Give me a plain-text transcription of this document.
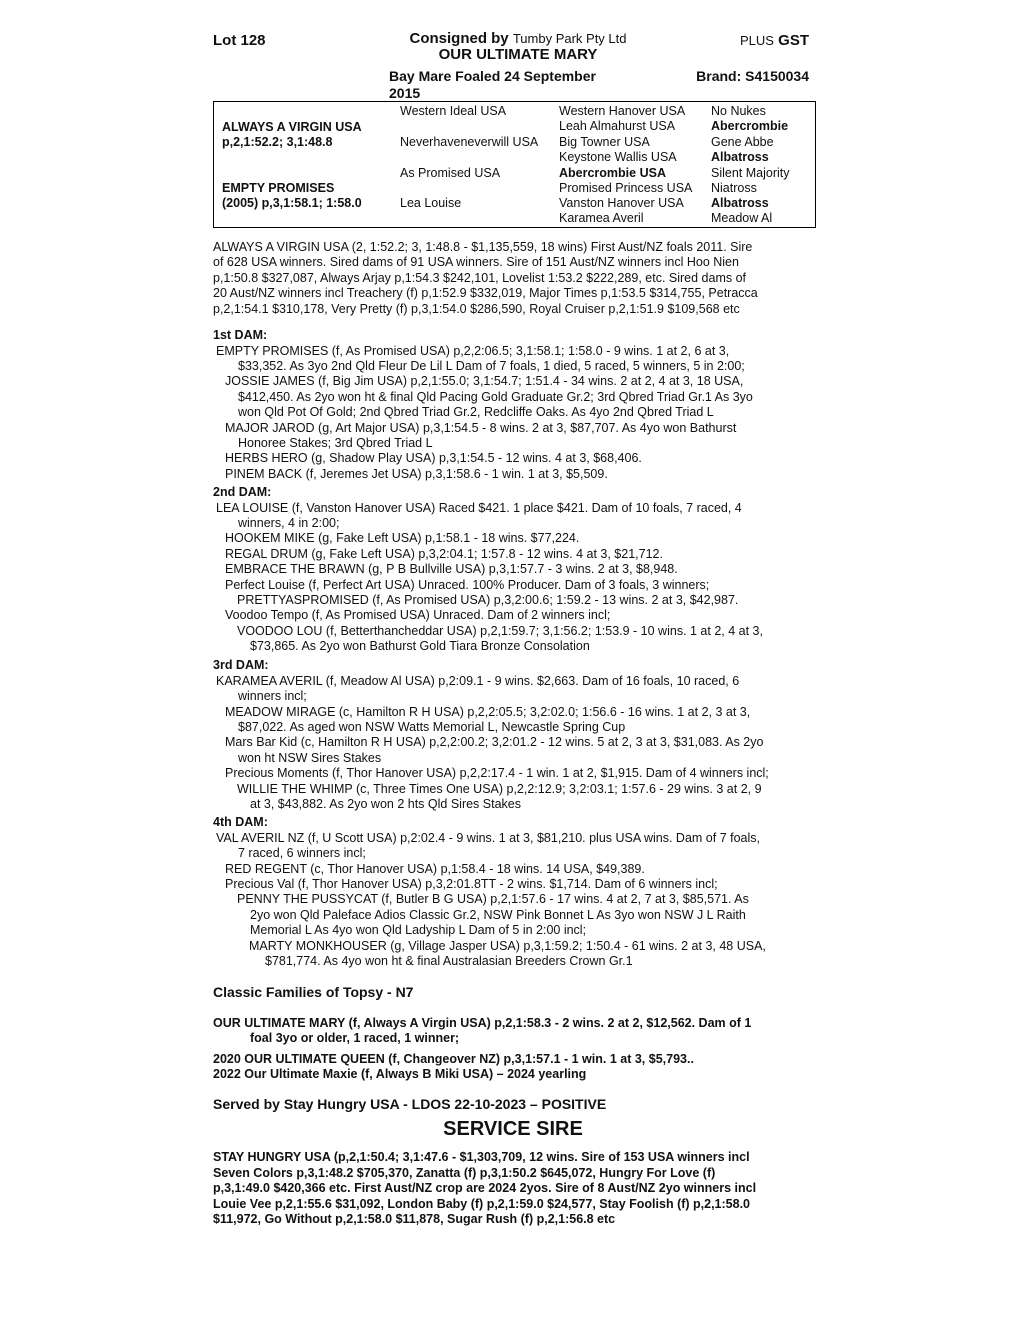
Lot 128	Consigned by Tumby Park Pty Ltd
OUR ULTIMATE MARY
PLUS GST
Bay Mare Foaled 24 September 2015
Brand: S4150034
ALWAYS A VIRGIN USA
p,2,1:52.2; 3,1:48.8
EMPTY PROMISES
(2005) p,3,1:58.1; 1:58.0
Western Ideal USA
Neverhaveneverwill USA
As Promised USA
Lea Louise
Western Hanover USA
Leah Almahurst USA
Big Towner USA
Keystone Wallis USA
Abercrombie USA
Promised Princess USA
Vanston Hanover USA
Karamea Averil
No Nukes
Abercrombie
Gene Abbe
Albatross
Silent Majority
Niatross
Albatross
Meadow Al
ALWAYS A VIRGIN USA (2, 1:52.2; 3, 1:48.8 - $1,135,559, 18 wins) First Aust/NZ foals 2011. Sire
of 628 USA winners. Sired dams of 91 USA winners. Sire of 151 Aust/NZ winners incl Hoo Nien
p,1:50.8 $327,087, Always Arjay p,1:54.3 $242,101, Lovelist 1:53.2 $222,289, etc. Sired dams of
20 Aust/NZ winners incl Treachery (f) p,1:52.9 $332,019, Major Times p,1:53.5 $314,755, Petracca
p,2,1:54.1 $310,178, Very Pretty (f) p,3,1:54.0 $286,590, Royal Cruiser p,2,1:51.9 $109,568 etc
1st DAM:
EMPTY PROMISES (f, As Promised USA) p,2,2:06.5; 3,1:58.1; 1:58.0 - 9 wins. 1 at 2, 6 at 3,
$33,352. As 3yo 2nd Qld Fleur De Lil L Dam of 7 foals, 1 died, 5 raced, 5 winners, 5 in 2:00;
JOSSIE JAMES (f, Big Jim USA) p,2,1:55.0; 3,1:54.7; 1:51.4 - 34 wins. 2 at 2, 4 at 3, 18 USA,
$412,450. As 2yo won ht & final Qld Pacing Gold Graduate Gr.2; 3rd Qbred Triad Gr.1 As 3yo
won Qld Pot Of Gold; 2nd Qbred Triad Gr.2, Redcliffe Oaks. As 4yo 2nd Qbred Triad L
MAJOR JAROD (g, Art Major USA) p,3,1:54.5 - 8 wins. 2 at 3, $87,707. As 4yo won Bathurst
Honoree Stakes; 3rd Qbred Triad L
HERBS HERO (g, Shadow Play USA) p,3,1:54.5 - 12 wins. 4 at 3, $68,406.
PINEM BACK (f, Jeremes Jet USA) p,3,1:58.6 - 1 win. 1 at 3, $5,509.
2nd DAM:
LEA LOUISE (f, Vanston Hanover USA) Raced $421. 1 place $421. Dam of 10 foals, 7 raced, 4
winners, 4 in 2:00;
HOOKEM MIKE (g, Fake Left USA) p,1:58.1 - 18 wins. $77,224.
REGAL DRUM (g, Fake Left USA) p,3,2:04.1; 1:57.8 - 12 wins. 4 at 3, $21,712.
EMBRACE THE BRAWN (g, P B Bullville USA) p,3,1:57.7 - 3 wins. 2 at 3, $8,948.
Perfect Louise (f, Perfect Art USA) Unraced. 100% Producer. Dam of 3 foals, 3 winners;
PRETTYASPROMISED (f, As Promised USA) p,3,2:00.6; 1:59.2 - 13 wins. 2 at 3, $42,987.
Voodoo Tempo (f, As Promised USA) Unraced. Dam of 2 winners incl;
VOODOO LOU (f, Betterthancheddar USA) p,2,1:59.7; 3,1:56.2; 1:53.9 - 10 wins. 1 at 2, 4 at 3,
$73,865. As 2yo won Bathurst Gold Tiara Bronze Consolation
3rd DAM:
KARAMEA AVERIL (f, Meadow Al USA) p,2:09.1 - 9 wins. $2,663. Dam of 16 foals, 10 raced, 6
winners incl;
MEADOW MIRAGE (c, Hamilton R H USA) p,2,2:05.5; 3,2:02.0; 1:56.6 - 16 wins. 1 at 2, 3 at 3,
$87,022. As aged won NSW Watts Memorial L, Newcastle Spring Cup
Mars Bar Kid (c, Hamilton R H USA) p,2,2:00.2; 3,2:01.2 - 12 wins. 5 at 2, 3 at 3, $31,083. As 2yo
won ht NSW Sires Stakes
Precious Moments (f, Thor Hanover USA) p,2,2:17.4 - 1 win. 1 at 2, $1,915. Dam of 4 winners incl;
WILLIE THE WHIMP (c, Three Times One USA) p,2,2:12.9; 3,2:03.1; 1:57.6 - 29 wins. 3 at 2, 9
at 3, $43,882. As 2yo won 2 hts Qld Sires Stakes
4th DAM:
VAL AVERIL NZ (f, U Scott USA) p,2:02.4 - 9 wins. 1 at 3, $81,210. plus USA wins. Dam of 7 foals,
7 raced, 6 winners incl;
RED REGENT (c, Thor Hanover USA) p,1:58.4 - 18 wins. 14 USA, $49,389.
Precious Val (f, Thor Hanover USA) p,3,2:01.8TT - 2 wins. $1,714. Dam of 6 winners incl;
PENNY THE PUSSYCAT (f, Butler B G USA) p,2,1:57.6 - 17 wins. 4 at 2, 7 at 3, $85,571. As
2yo won Qld Paleface Adios Classic Gr.2, NSW Pink Bonnet L As 3yo won NSW J L Raith
Memorial L As 4yo won Qld Ladyship L Dam of 5 in 2:00 incl;
MARTY MONKHOUSER (g, Village Jasper USA) p,3,1:59.2; 1:50.4 - 61 wins. 2 at 3, 48 USA,
$781,774. As 4yo won ht & final Australasian Breeders Crown Gr.1
Classic Families of Topsy - N7
OUR ULTIMATE MARY (f, Always A Virgin USA) p,2,1:58.3 - 2 wins. 2 at 2, $12,562. Dam of 1
foal 3yo or older, 1 raced, 1 winner;
2020 OUR ULTIMATE QUEEN (f, Changeover NZ) p,3,1:57.1 - 1 win. 1 at 3, $5,793..
2022 Our Ultimate Maxie (f, Always B Miki USA) – 2024 yearling
Served by Stay Hungry USA - LDOS 22-10-2023 – POSITIVE
SERVICE SIRE
STAY HUNGRY USA (p,2,1:50.4; 3,1:47.6 - $1,303,709, 12 wins. Sire of 153 USA winners incl
Seven Colors p,3,1:48.2 $705,370, Zanatta (f) p,3,1:50.2 $645,072, Hungry For Love (f)
p,3,1:49.0 $420,366 etc. First Aust/NZ crop are 2024 2yos. Sire of 8 Aust/NZ 2yo winners incl
Louie Vee p,2,1:55.6 $31,092, London Baby (f) p,2,1:59.0 $24,577, Stay Foolish (f) p,2,1:58.0
$11,972, Go Without p,2,1:58.0 $11,878, Sugar Rush (f) p,2,1:56.8 etc
